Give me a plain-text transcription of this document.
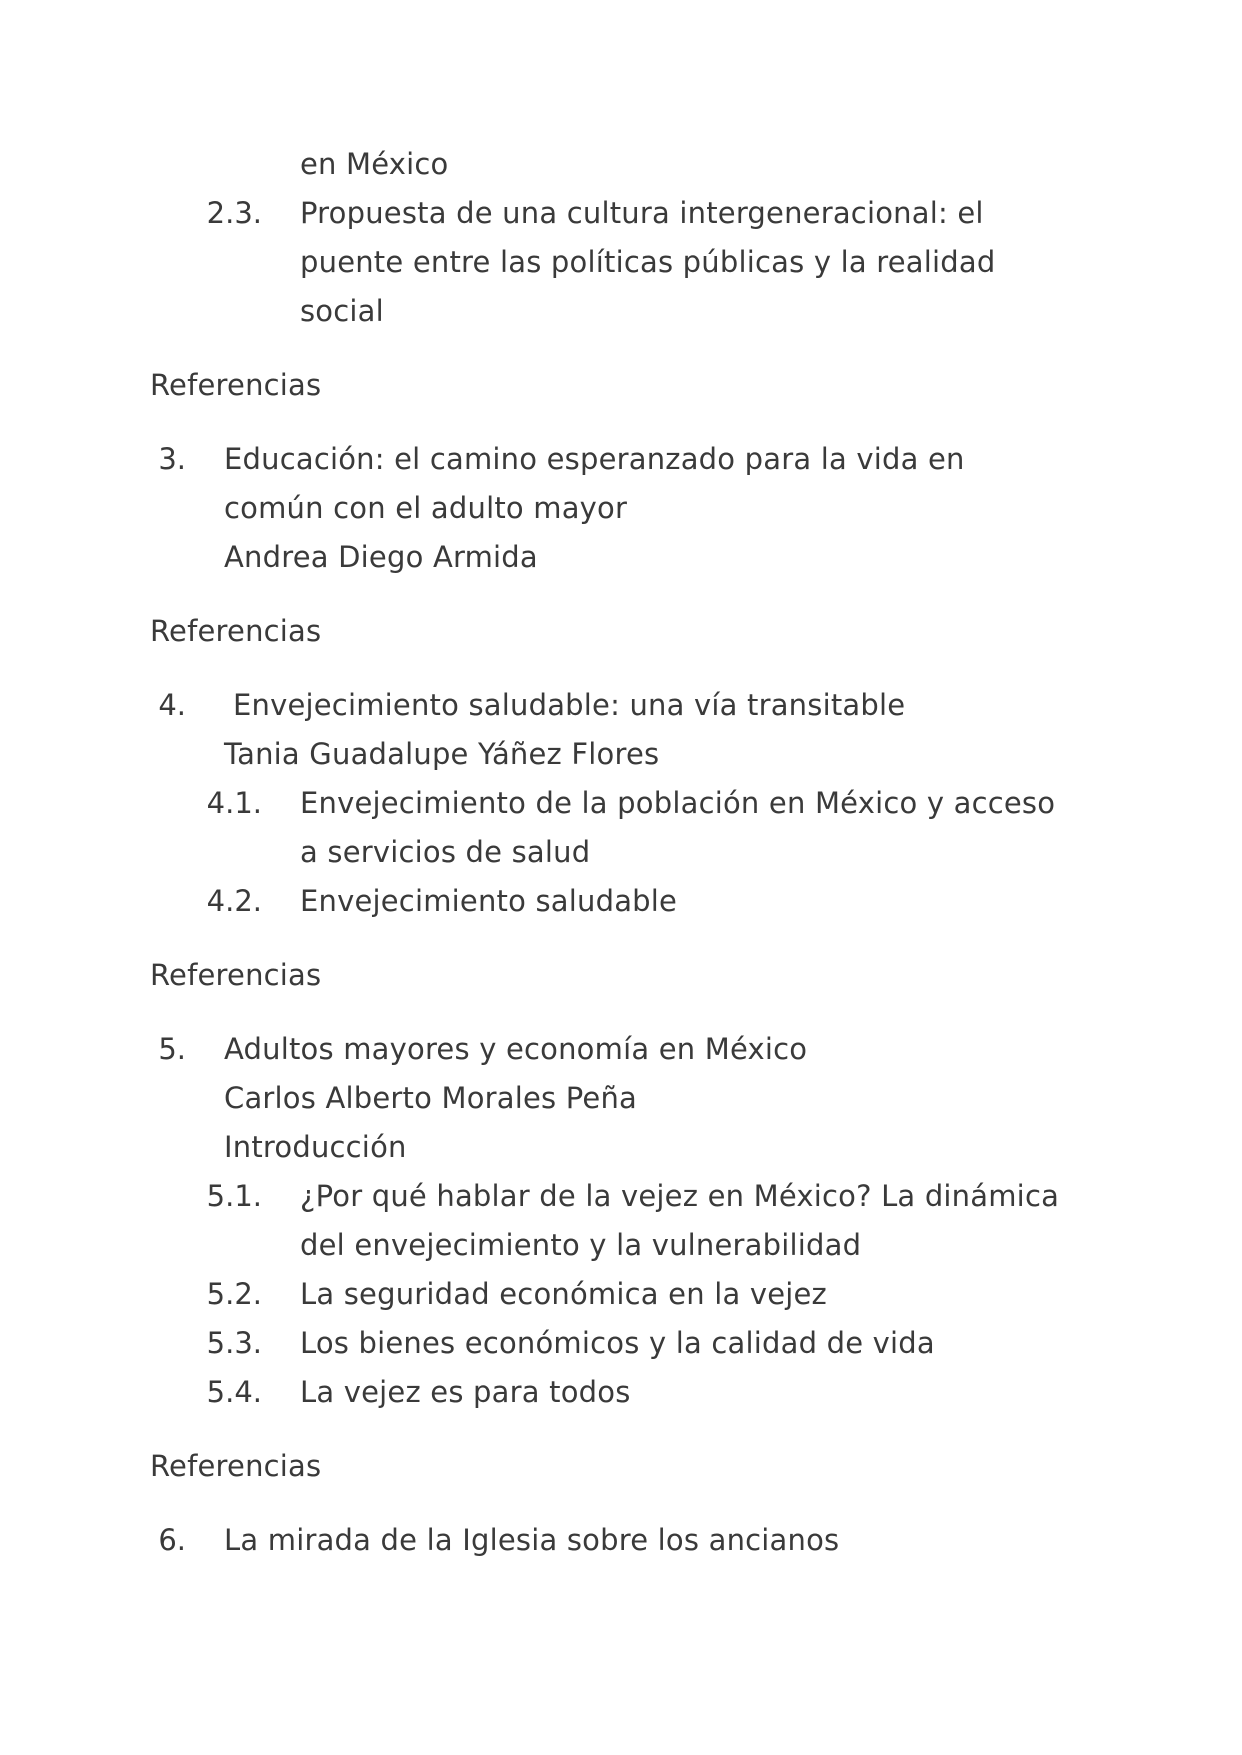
en México
2.3. Propuesta de una cultura intergeneracional: el
puente entre las políticas públicas y la realidad
social
Referencias
3. Educación: el camino esperanzado para la vida en
común con el adulto mayor
Andrea Diego Armida
Referencias
4. Envejecimiento saludable: una vía transitable
Tania Guadalupe Yáñez Flores
4.1. Envejecimiento de la población en México y acceso
a servicios de salud
4.2. Envejecimiento saludable
Referencias
5. Adultos mayores y economía en México
Carlos Alberto Morales Peña
Introducción
5.1. ¿Por qué hablar de la vejez en México? La dinámica
del envejecimiento y la vulnerabilidad
5.2. La seguridad económica en la vejez
5.3. Los bienes económicos y la calidad de vida
5.4. La vejez es para todos
Referencias
6. La mirada de la Iglesia sobre los ancianos
